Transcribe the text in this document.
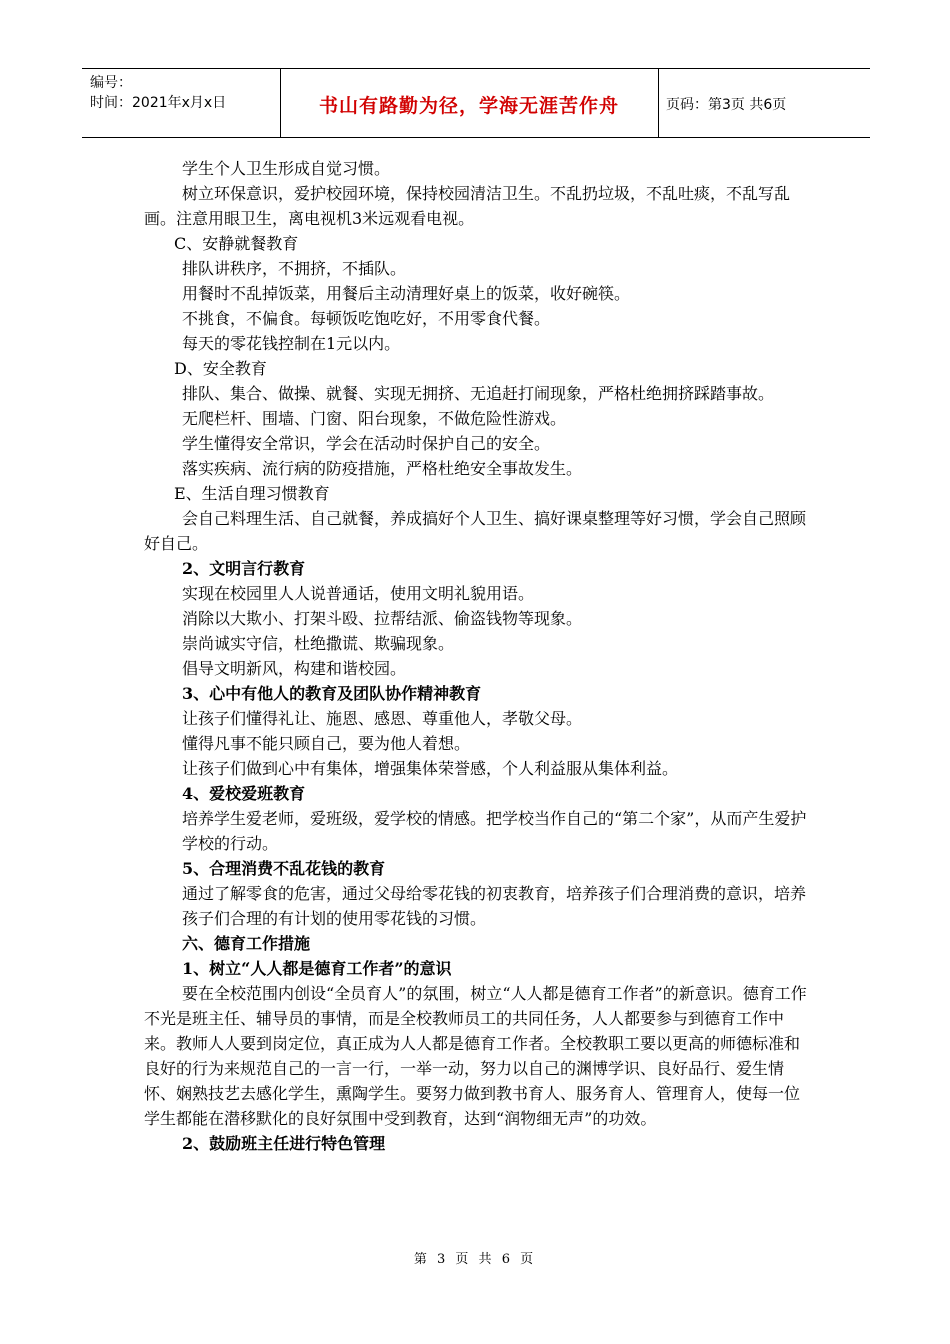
编号：
时间：2021年x月x日	书山有路勤为径，学海无涯苦作舟	页码：第3页 共6页

学生个人卫生形成自觉习惯。

树立环保意识，爱护校园环境，保持校园清洁卫生。不乱扔垃圾，不乱吐痰，不乱写乱画。注意用眼卫生，离电视机3米远观看电视。

C、安静就餐教育

排队讲秩序，不拥挤，不插队。

用餐时不乱掉饭菜，用餐后主动清理好桌上的饭菜，收好碗筷。

不挑食，不偏食。每顿饭吃饱吃好，不用零食代餐。

每天的零花钱控制在1元以内。

D、安全教育

排队、集合、做操、就餐、实现无拥挤、无追赶打闹现象，严格杜绝拥挤踩踏事故。

无爬栏杆、围墙、门窗、阳台现象，不做危险性游戏。

学生懂得安全常识，学会在活动时保护自己的安全。

落实疾病、流行病的防疫措施，严格杜绝安全事故发生。

E、生活自理习惯教育

会自己料理生活、自己就餐，养成搞好个人卫生、搞好课桌整理等好习惯，学会自己照顾好自己。

2、文明言行教育

实现在校园里人人说普通话，使用文明礼貌用语。

消除以大欺小、打架斗殴、拉帮结派、偷盗钱物等现象。

崇尚诚实守信，杜绝撒谎、欺骗现象。

倡导文明新风，构建和谐校园。

3、心中有他人的教育及团队协作精神教育

让孩子们懂得礼让、施恩、感恩、尊重他人，孝敬父母。

懂得凡事不能只顾自己，要为他人着想。

让孩子们做到心中有集体，增强集体荣誉感，个人利益服从集体利益。

4、爱校爱班教育

培养学生爱老师，爱班级，爱学校的情感。把学校当作自己的“第二个家”，从而产生爱护学校的行动。

5、合理消费不乱花钱的教育

通过了解零食的危害，通过父母给零花钱的初衷教育，培养孩子们合理消费的意识，培养孩子们合理的有计划的使用零花钱的习惯。

六、德育工作措施

1、树立“人人都是德育工作者”的意识

要在全校范围内创设“全员育人”的氛围，树立“人人都是德育工作者”的新意识。德育工作不光是班主任、辅导员的事情，而是全校教师员工的共同任务，人人都要参与到德育工作中来。教师人人要到岗定位，真正成为人人都是德育工作者。全校教职工要以更高的师德标准和良好的行为来规范自己的一言一行，一举一动，努力以自己的渊博学识、良好品行、爱生情怀、娴熟技艺去感化学生，熏陶学生。要努力做到教书育人、服务育人、管理育人，使每一位学生都能在潜移默化的良好氛围中受到教育，达到“润物细无声”的功效。

2、鼓励班主任进行特色管理

第 3 页 共 6 页
